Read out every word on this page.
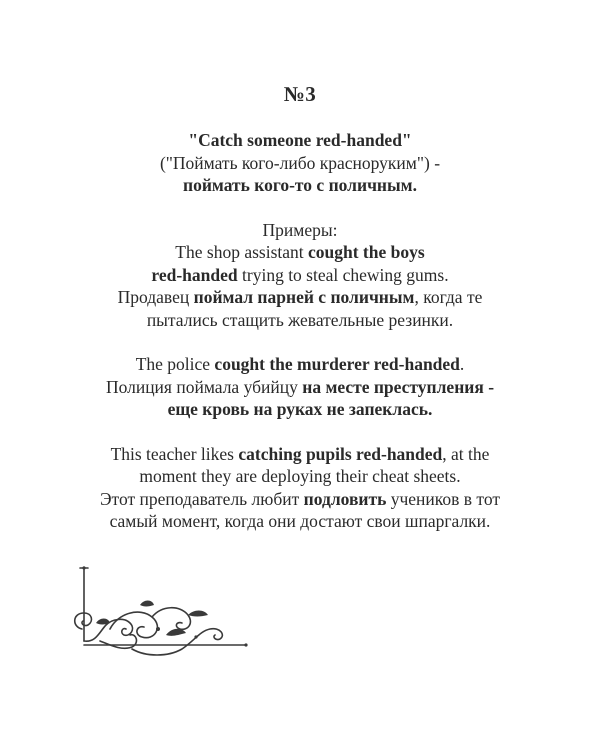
№3
"Catch someone red-handed"
("Поймать кого-либо красноруким") -
поймать кого-то с поличным.
Примеры:
The shop assistant cought the boys
red-handed trying to steal chewing gums.
Продавец поймал парней с поличным, когда те
пытались стащить жевательные резинки.
The police cought the murderer red-handed.
Полиция поймала убийцу на месте преступления -
еще кровь на руках не запеклась.
This teacher likes catching pupils red-handed, at the
moment they are deploying their cheat sheets.
Этот преподаватель любит подловить учеников в тот
самый момент, когда они достают свои шпаргалки.
